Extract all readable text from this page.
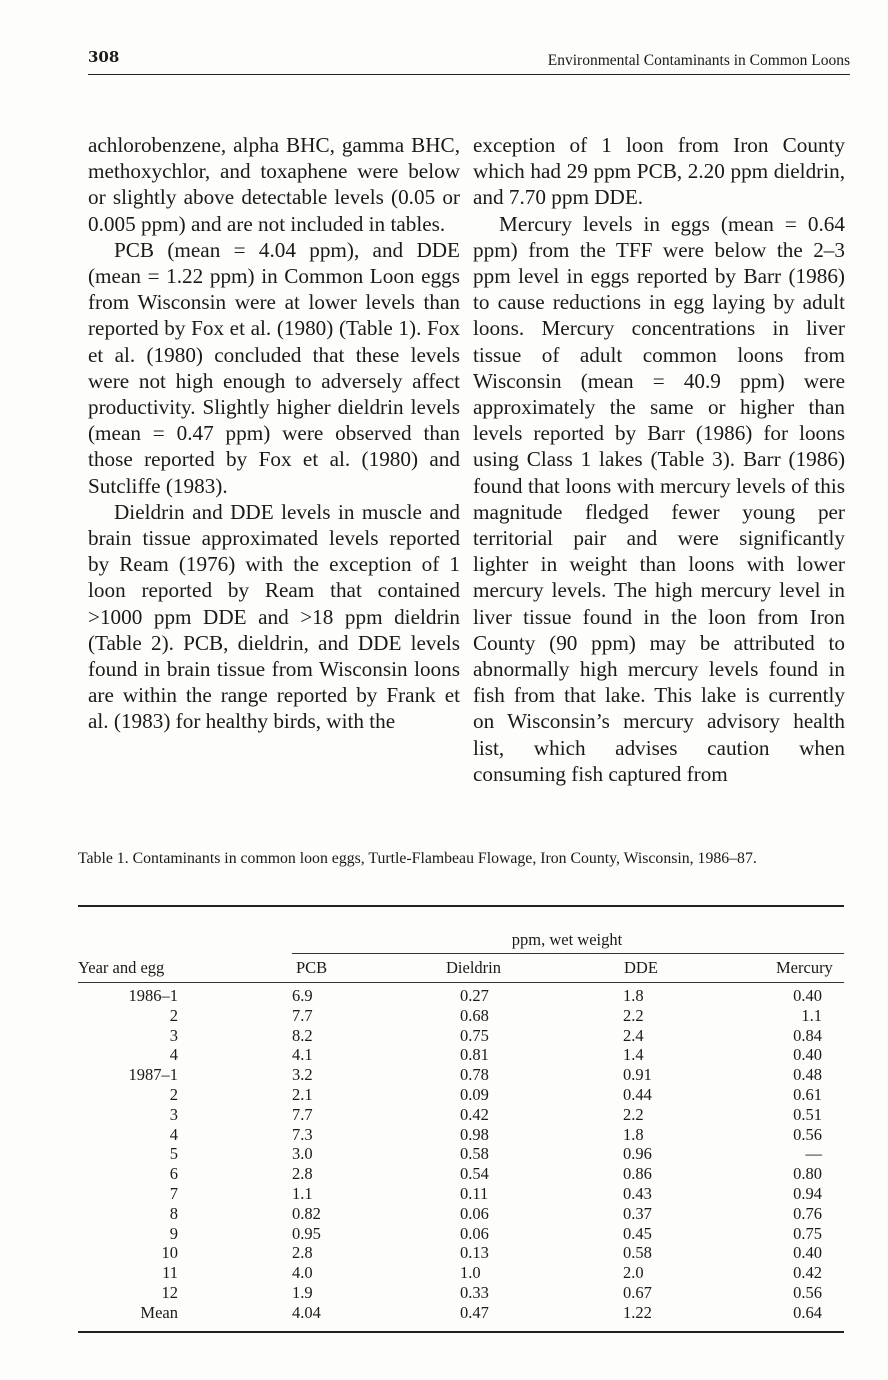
308	Environmental Contaminants in Common Loons

achlorobenzene, alpha BHC, gamma BHC, methoxychlor, and toxaphene were below or slightly above detectable levels (0.05 or 0.005 ppm) and are not included in tables.

PCB (mean = 4.04 ppm), and DDE (mean = 1.22 ppm) in Common Loon eggs from Wisconsin were at lower levels than reported by Fox et al. (1980) (Table 1). Fox et al. (1980) concluded that these levels were not high enough to adversely affect productivity. Slightly higher dieldrin levels (mean = 0.47 ppm) were observed than those reported by Fox et al. (1980) and Sutcliffe (1983).

Dieldrin and DDE levels in muscle and brain tissue approximated levels reported by Ream (1976) with the exception of 1 loon reported by Ream that contained >1000 ppm DDE and >18 ppm dieldrin (Table 2). PCB, dieldrin, and DDE levels found in brain tissue from Wisconsin loons are within the range reported by Frank et al. (1983) for healthy birds, with the

exception of 1 loon from Iron County which had 29 ppm PCB, 2.20 ppm dieldrin, and 7.70 ppm DDE.

Mercury levels in eggs (mean = 0.64 ppm) from the TFF were below the 2–3 ppm level in eggs reported by Barr (1986) to cause reductions in egg laying by adult loons. Mercury concentrations in liver tissue of adult common loons from Wisconsin (mean = 40.9 ppm) were approximately the same or higher than levels reported by Barr (1986) for loons using Class 1 lakes (Table 3). Barr (1986) found that loons with mercury levels of this magnitude fledged fewer young per territorial pair and were significantly lighter in weight than loons with lower mercury levels. The high mercury level in liver tissue found in the loon from Iron County (90 ppm) may be attributed to abnormally high mercury levels found in fish from that lake. This lake is currently on Wisconsin’s mercury advisory health list, which advises caution when consuming fish captured from

Table 1. Contaminants in common loon eggs, Turtle-Flambeau Flowage, Iron County, Wisconsin, 1986–87.
ppm, wet weight
Year and egg	PCB	Dieldrin	DDE	Mercury
1986–1	6.9	0.27	1.8	0.40
2	7.7	0.68	2.2	1.1
3	8.2	0.75	2.4	0.84
4	4.1	0.81	1.4	0.40
1987–1	3.2	0.78	0.91	0.48
2	2.1	0.09	0.44	0.61
3	7.7	0.42	2.2	0.51
4	7.3	0.98	1.8	0.56
5	3.0	0.58	0.96	—
6	2.8	0.54	0.86	0.80
7	1.1	0.11	0.43	0.94
8	0.82	0.06	0.37	0.76
9	0.95	0.06	0.45	0.75
10	2.8	0.13	0.58	0.40
11	4.0	1.0	2.0	0.42
12	1.9	0.33	0.67	0.56
Mean	4.04	0.47	1.22	0.64
